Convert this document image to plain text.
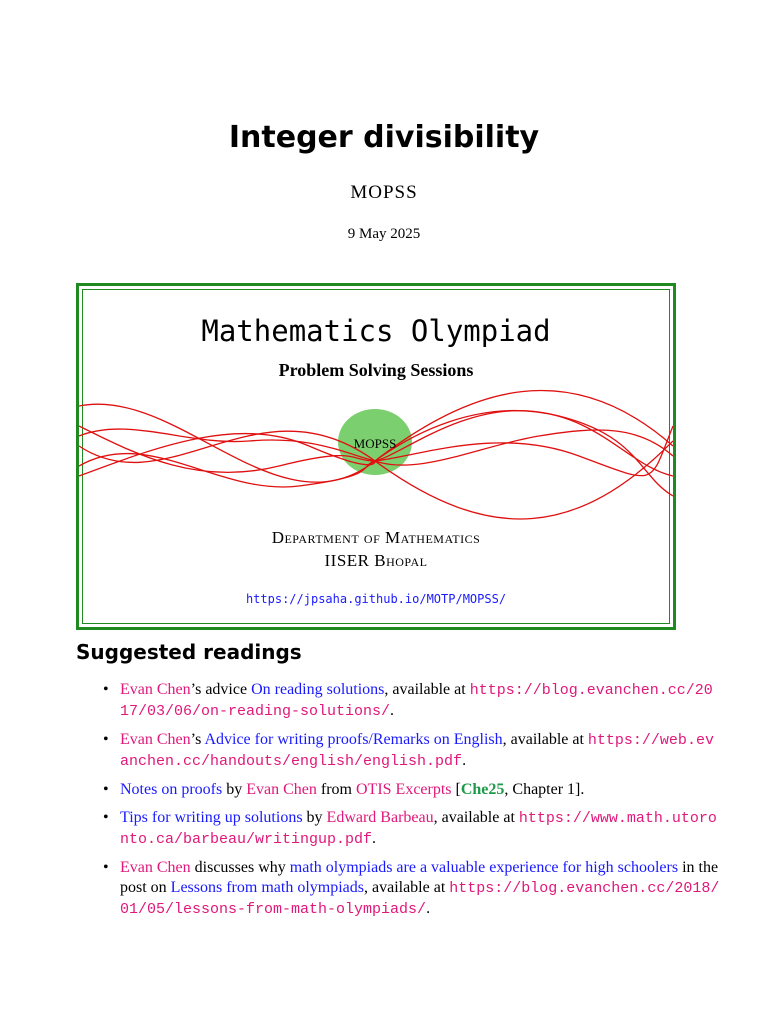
Integer divisibility
MOPSS
9 May 2025
Mathematics Olympiad
Problem Solving Sessions
MOPSS
Department of Mathematics
IISER Bhopal
https://jpsaha.github.io/MOTP/MOPSS/
Suggested readings
• Evan Chen’s advice On reading solutions, available at https://blog.evanchen.cc/2017/03/06/on-reading-solutions/.
• Evan Chen’s Advice for writing proofs/Remarks on English, available at https://web.evanchen.cc/handouts/english/english.pdf.
• Notes on proofs by Evan Chen from OTIS Excerpts [Che25, Chapter 1].
• Tips for writing up solutions by Edward Barbeau, available at https://www.math.utoronto.ca/barbeau/writingup.pdf.
• Evan Chen discusses why math olympiads are a valuable experience for high schoolers in the post on Lessons from math olympiads, available at https://blog.evanchen.cc/2018/01/05/lessons-from-math-olympiads/.
